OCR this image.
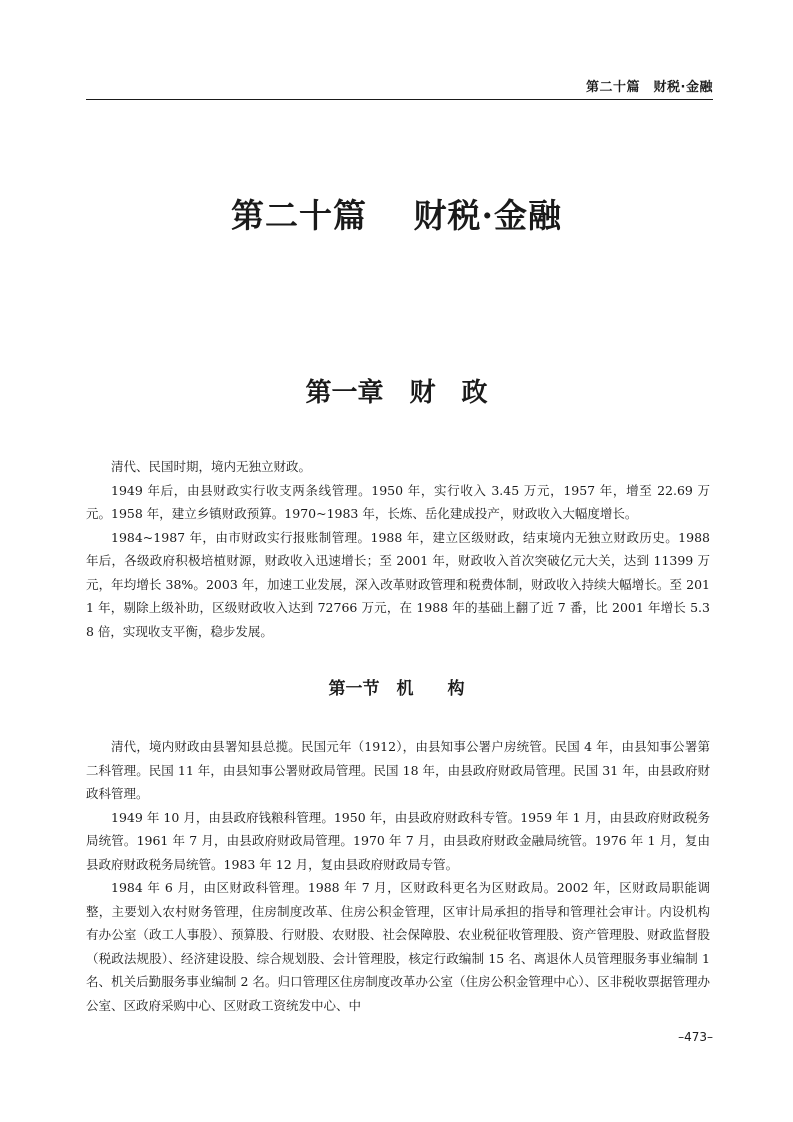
第二十篇　财税·金融
第二十篇　 财税·金融
第一章　财　政

清代、民国时期，境内无独立财政。

1949 年后，由县财政实行收支两条线管理。1950 年，实行收入 3.45 万元，1957 年，增至 22.69 万元。1958 年，建立乡镇财政预算。1970~1983 年，长炼、岳化建成投产，财政收入大幅度增长。

1984~1987 年，由市财政实行报账制管理。1988 年，建立区级财政，结束境内无独立财政历史。1988 年后，各级政府积极培植财源，财政收入迅速增长；至 2001 年，财政收入首次突破亿元大关，达到 11399 万元，年均增长 38%。2003 年，加速工业发展，深入改革财政管理和税费体制，财政收入持续大幅增长。至 2011 年，剔除上级补助，区级财政收入达到 72766 万元，在 1988 年的基础上翻了近 7 番，比 2001 年增长 5.38 倍，实现收支平衡，稳步发展。

第一节　机　　构

清代，境内财政由县署知县总揽。民国元年（1912），由县知事公署户房统管。民国 4 年，由县知事公署第二科管理。民国 11 年，由县知事公署财政局管理。民国 18 年，由县政府财政局管理。民国 31 年，由县政府财政科管理。

1949 年 10 月，由县政府钱粮科管理。1950 年，由县政府财政科专管。1959 年 1 月，由县政府财政税务局统管。1961 年 7 月，由县政府财政局管理。1970 年 7 月，由县政府财政金融局统管。1976 年 1 月，复由县政府财政税务局统管。1983 年 12 月，复由县政府财政局专管。

1984 年 6 月，由区财政科管理。1988 年 7 月，区财政科更名为区财政局。2002 年，区财政局职能调整，主要划入农村财务管理，住房制度改革、住房公积金管理，区审计局承担的指导和管理社会审计。内设机构有办公室（政工人事股）、预算股、行财股、农财股、社会保障股、农业税征收管理股、资产管理股、财政监督股（税政法规股）、经济建设股、综合规划股、会计管理股，核定行政编制 15 名、离退休人员管理服务事业编制 1 名、机关后勤服务事业编制 2 名。归口管理区住房制度改革办公室（住房公积金管理中心）、区非税收票据管理办公室、区政府采购中心、区财政工资统发中心、中

–473–
